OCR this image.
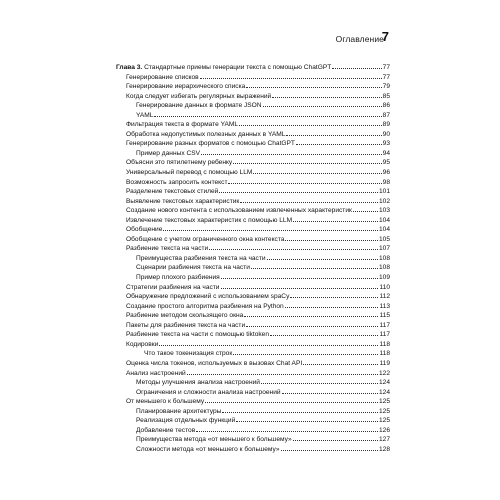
Оглавление
7
Глава 3. Стандартные приемы генерации текста с помощью ChatGPT	77
Генерирование списков	77
Генерирование иерархического списка	79
Когда следует избегать регулярных выражений	85
Генерирование данных в формате JSON	86
YAML	87
Фильтрация текста в формате YAML	89
Обработка недопустимых полезных данных в YAML	90
Генерирование разных форматов с помощью ChatGPT	93
Пример данных CSV	94
Объясни это пятилетнему ребенку	95
Универсальный перевод с помощью LLM	96
Возможность запросить контекст	98
Разделение текстовых стилей	101
Выявление текстовых характеристик	102
Создание нового контента с использованием извлеченных характеристик	103
Извлечение текстовых характеристик с помощью LLM	104
Обобщение	104
Обобщение с учетом ограниченного окна контекста	105
Разбиение текста на части	107
Преимущества разбиения текста на части	108
Сценарии разбиения текста на части	108
Пример плохого разбиения	109
Стратегии разбиения на части	110
Обнаружение предложений с использованием spaCy	112
Создание простого алгоритма разбиения на Python	113
Разбиение методом скользящего окна	115
Пакеты для разбиения текста на части	117
Разбиение текста на части с помощью tiktoken	117
Кодировки	118
Что такое токенизация строк	118
Оценка числа токенов, используемых в вызовах Chat API	119
Анализ настроений	122
Методы улучшения анализа настроений	124
Ограничения и сложности анализа настроений	124
От меньшего к большему	125
Планирование архитектуры	125
Реализация отдельных функций	125
Добавление тестов	126
Преимущества метода «от меньшего к большему»	127
Сложности метода «от меньшего к большему»	128
